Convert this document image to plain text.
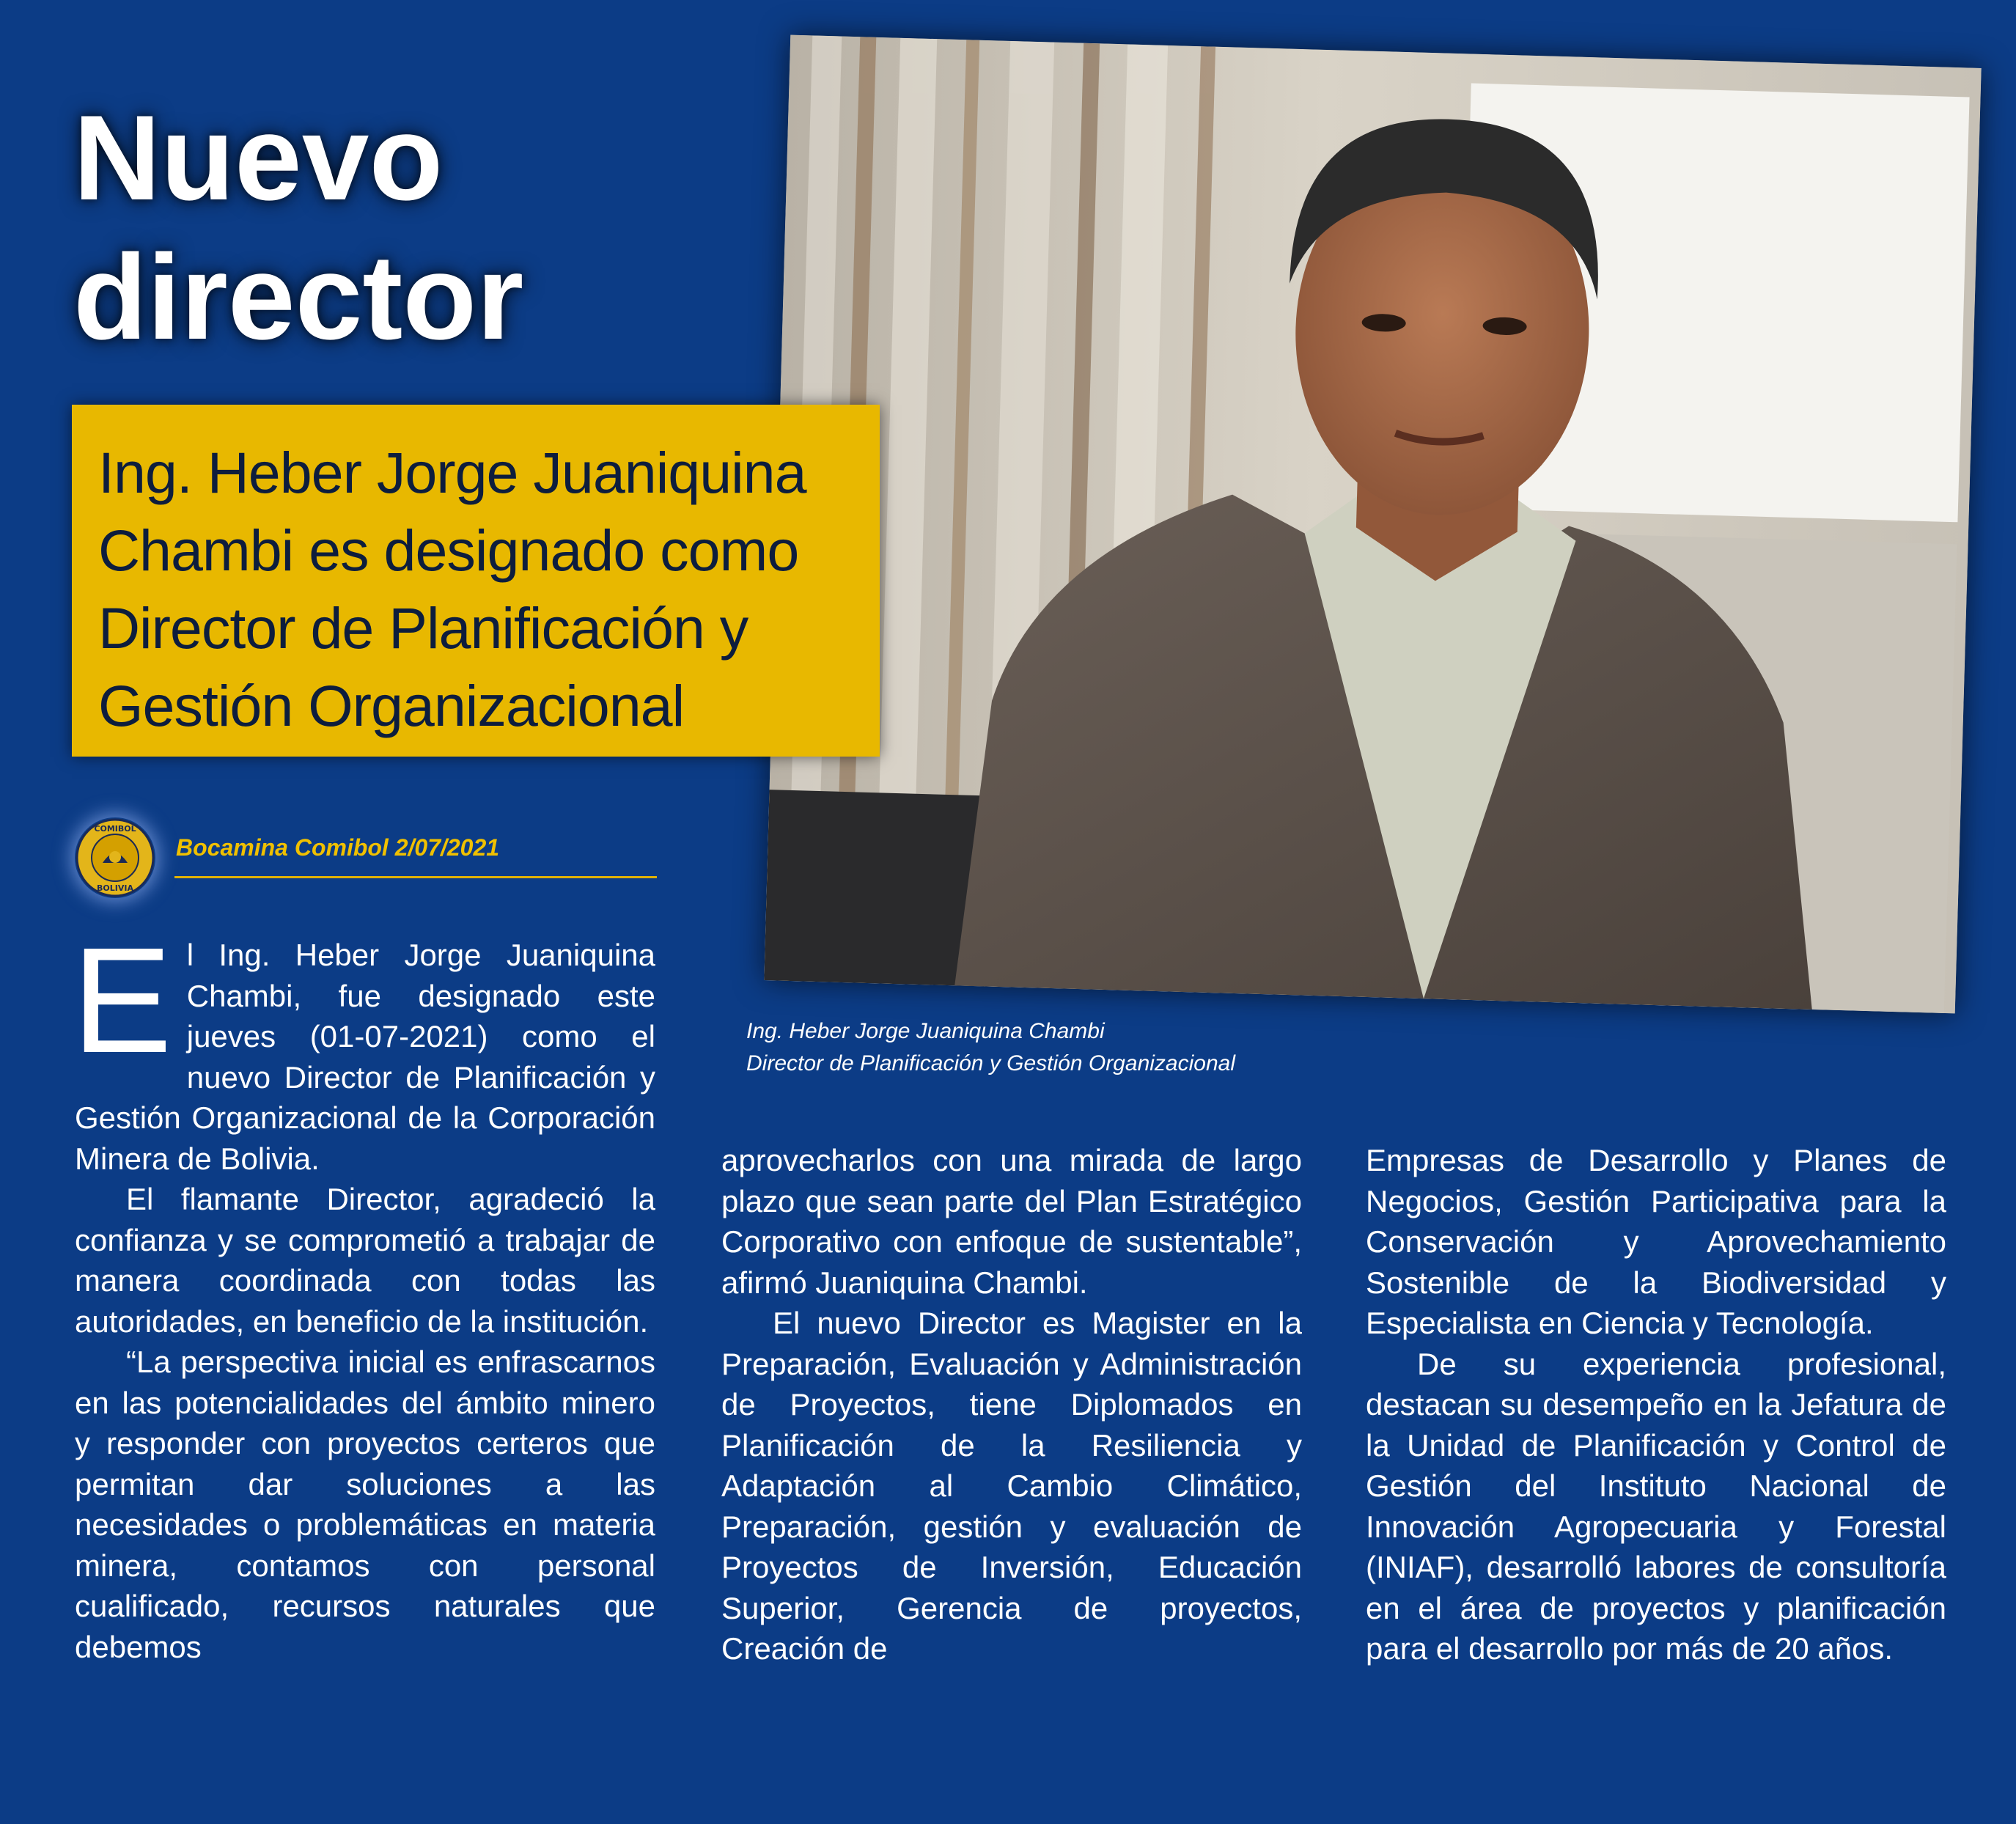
Nuevo
director
Ing. Heber Jorge Juaniquina
Chambi es designado como
Director de Planificación y
Gestión Organizacional
Ing. Heber Jorge Juaniquina Chambi
Director de Planificación y Gestión Organizacional
COMIBOL
BOLIVIA
Bocamina Comibol 2/07/2021

El Ing. Heber Jorge Juaniquina Chambi, fue designado este jueves (01-07-2021) como el nuevo Director de Planificación y Gestión Organizacional de la Corporación Minera de Bolivia.

El flamante Director, agradeció la confianza y se comprometió a trabajar de manera coordinada con todas las autoridades, en beneficio de la institución.

“La perspectiva inicial es enfrascarnos en las potencialidades del ámbito minero y responder con proyectos certeros que permitan dar soluciones a las necesidades o problemáticas en materia minera, contamos con personal cualificado, recursos naturales que debemos

aprovecharlos con una mirada de largo plazo que sean parte del Plan Estratégico Corporativo con enfoque de sustentable”, afirmó Juaniquina Chambi.

El nuevo Director es Magister en la Preparación, Evaluación y Administración de Proyectos, tiene Diplomados en Planificación de la Resiliencia y Adaptación al Cambio Climático, Preparación, gestión y evaluación de Proyectos de Inversión, Educación Superior, Gerencia de proyectos, Creación de

Empresas de Desarrollo y Planes de Negocios, Gestión Participativa para la Conservación y Aprovechamiento Sostenible de la Biodiversidad y Especialista en Ciencia y Tecnología.

De su experiencia profesional, destacan su desempeño en la Jefatura de la Unidad de Planificación y Control de Gestión del Instituto Nacional de Innovación Agropecuaria y Forestal (INIAF), desarrolló labores de consultoría en el área de proyectos y planificación para el desarrollo por más de 20 años.
